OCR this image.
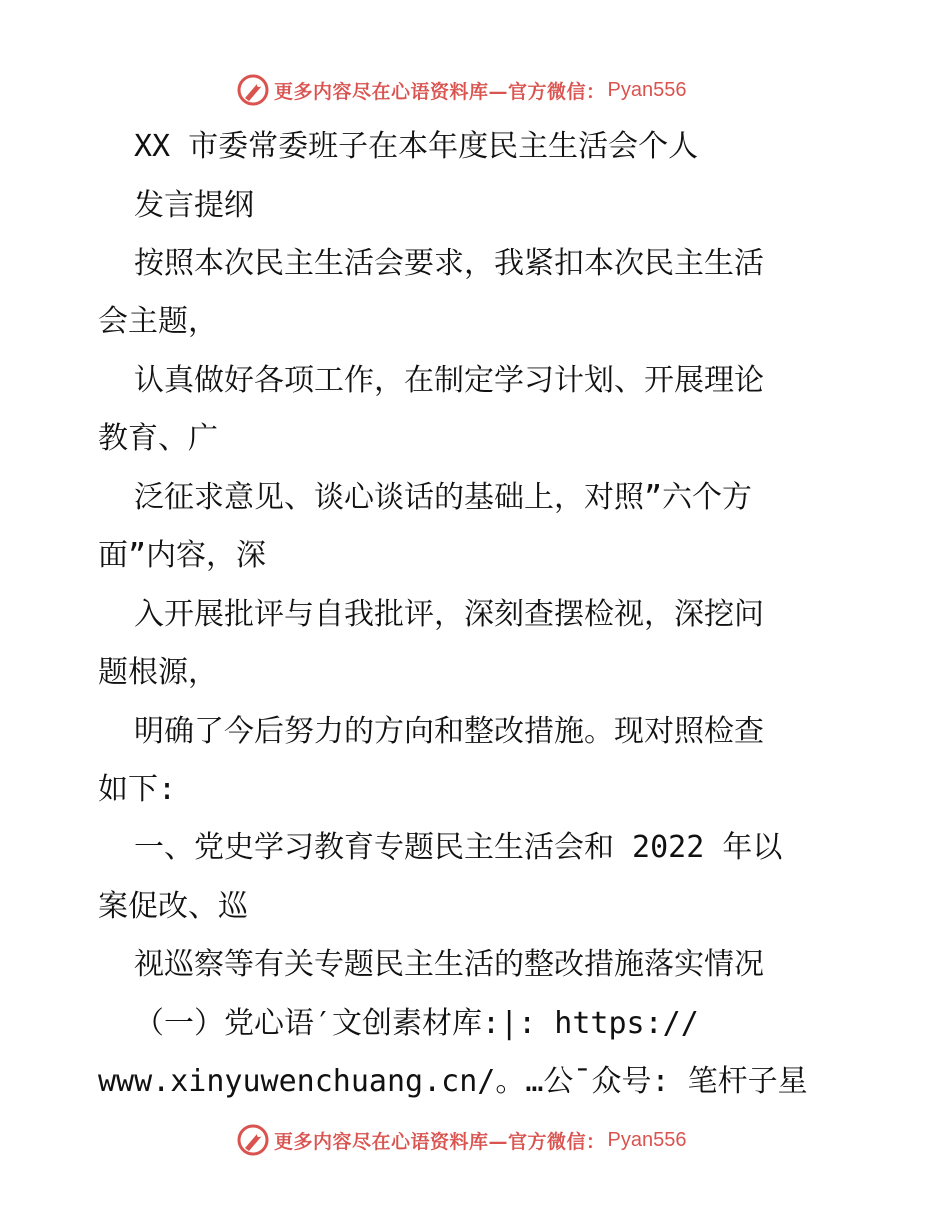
更多内容尽在心语资料库—官方微信： Pyan556
XX 市委常委班子在本年度民主生活会个人
发言提纲
按照本次民主生活会要求，我紧扣本次民主生活
会主题，
认真做好各项工作，在制定学习计划、开展理论
教育、广
泛征求意见、谈心谈话的基础上，对照”六个方
面”内容，深
入开展批评与自我批评，深刻查摆检视，深挖问
题根源，
明确了今后努力的方向和整改措施。现对照检查
如下:
一、党史学习教育专题民主生活会和 2022 年以
案促改、巡
视巡察等有关专题民主生活的整改措施落实情况
（一）党心语′文创素材库:|: https://
www.xinyuwenchuang.cn/。…公¯众号: 笔杆子星
更多内容尽在心语资料库—官方微信： Pyan556
